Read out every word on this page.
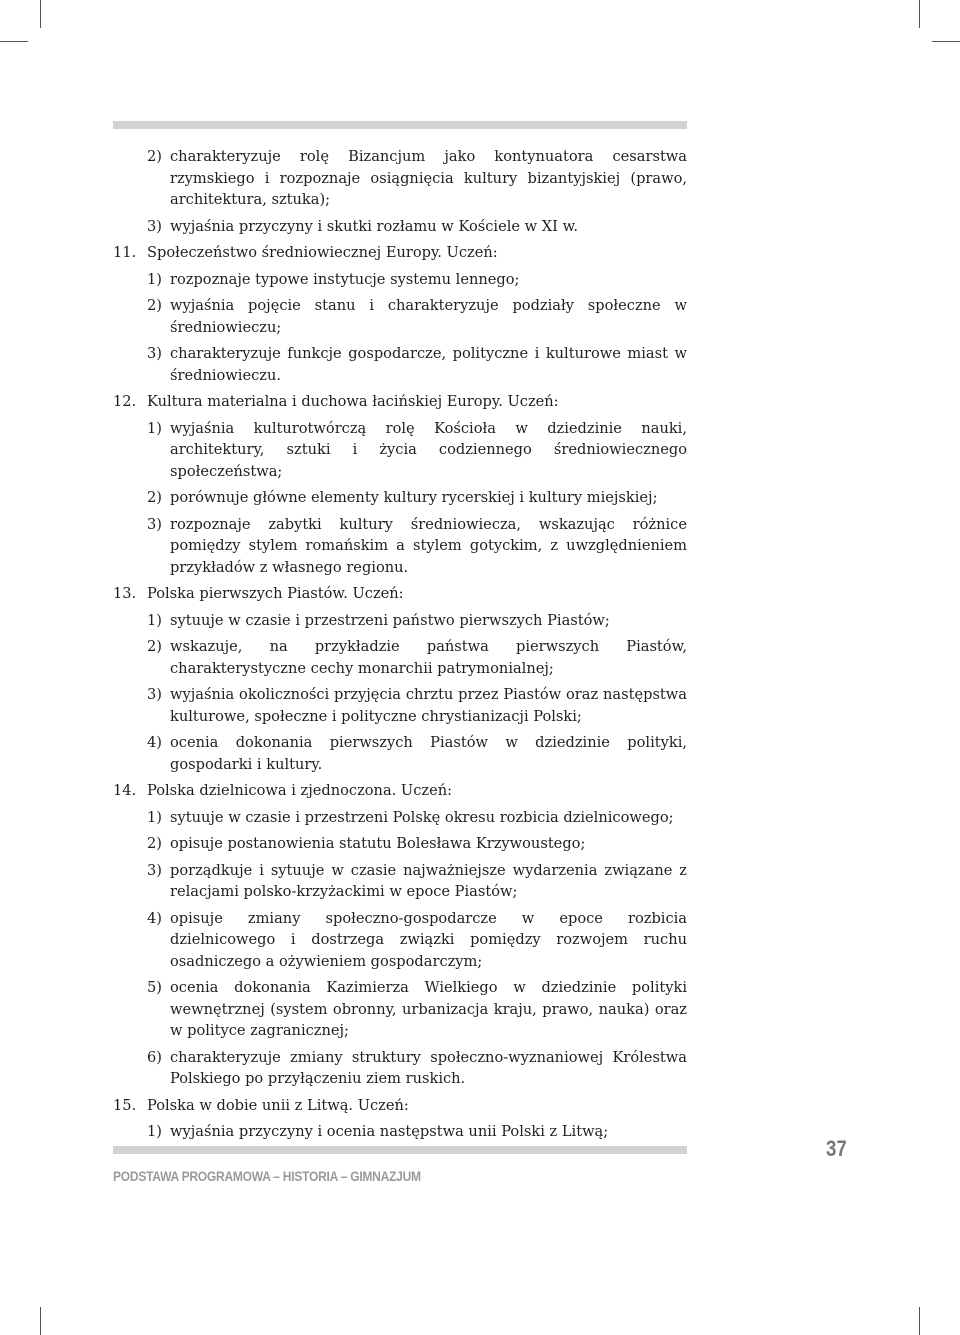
2) charakteryzuje rolę Bizancjum jako kontynuatora cesarstwa rzymskiego i rozpoznaje osiągnięcia kultury bizantyjskiej (prawo, architektura, sztuka);
3) wyjaśnia przyczyny i skutki rozłamu w Kościele w XI w.
11. Społeczeństwo średniowiecznej Europy. Uczeń:
1) rozpoznaje typowe instytucje systemu lennego;
2) wyjaśnia pojęcie stanu i charakteryzuje podziały społeczne w średniowieczu;
3) charakteryzuje funkcje gospodarcze, polityczne i kulturowe miast w średniowieczu.
12. Kultura materialna i duchowa łacińskiej Europy. Uczeń:
1) wyjaśnia kulturotwórczą rolę Kościoła w dziedzinie nauki, architektury, sztuki i życia codziennego średniowiecznego społeczeństwa;
2) porównuje główne elementy kultury rycerskiej i kultury miejskiej;
3) rozpoznaje zabytki kultury średniowiecza, wskazując różnice pomiędzy stylem romańskim a stylem gotyckim, z uwzględnieniem przykładów z własnego regionu.
13. Polska pierwszych Piastów. Uczeń:
1) sytuuje w czasie i przestrzeni państwo pierwszych Piastów;
2) wskazuje, na przykładzie państwa pierwszych Piastów, charakterystyczne cechy monarchii patrymonialnej;
3) wyjaśnia okoliczności przyjęcia chrztu przez Piastów oraz następstwa kulturowe, społeczne i polityczne chrystianizacji Polski;
4) ocenia dokonania pierwszych Piastów w dziedzinie polityki, gospodarki i kultury.
14. Polska dzielnicowa i zjednoczona. Uczeń:
1) sytuuje w czasie i przestrzeni Polskę okresu rozbicia dzielnicowego;
2) opisuje postanowienia statutu Bolesława Krzywoustego;
3) porządkuje i sytuuje w czasie najważniejsze wydarzenia związane z relacjami polsko-krzyżackimi w epoce Piastów;
4) opisuje zmiany społeczno-gospodarcze w epoce rozbicia dzielnicowego i dostrzega związki pomiędzy rozwojem ruchu osadniczego a ożywieniem gospodarczym;
5) ocenia dokonania Kazimierza Wielkiego w dziedzinie polityki wewnętrznej (system obronny, urbanizacja kraju, prawo, nauka) oraz w polityce zagranicznej;
6) charakteryzuje zmiany struktury społeczno-wyznaniowej Królestwa Polskiego po przyłączeniu ziem ruskich.
15. Polska w dobie unii z Litwą. Uczeń:
1) wyjaśnia przyczyny i ocenia następstwa unii Polski z Litwą;
PODSTAWA PROGRAMOWA – HISTORIA – GIMNAZJUM
37
